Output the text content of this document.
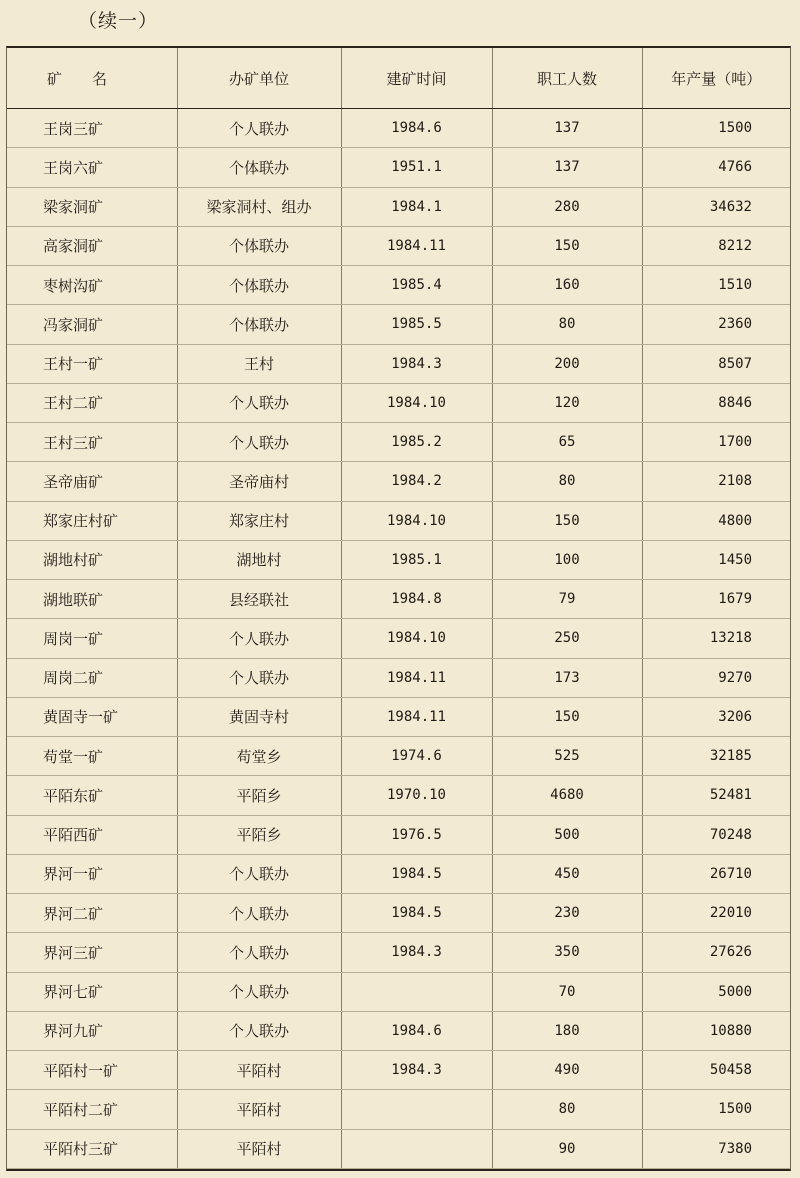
（续一）
矿　　名	办矿单位	建矿时间	职工人数	年产量（吨）
王岗三矿	个人联办	1984.6	137	1500
王岗六矿	个体联办	1951.1	137	4766
梁家洞矿	梁家洞村、组办	1984.1	280	34632
高家洞矿	个体联办	1984.11	150	8212
枣树沟矿	个体联办	1985.4	160	1510
冯家洞矿	个体联办	1985.5	80	2360
王村一矿	王村	1984.3	200	8507
王村二矿	个人联办	1984.10	120	8846
王村三矿	个人联办	1985.2	65	1700
圣帝庙矿	圣帝庙村	1984.2	80	2108
郑家庄村矿	郑家庄村	1984.10	150	4800
湖地村矿	湖地村	1985.1	100	1450
湖地联矿	县经联社	1984.8	79	1679
周岗一矿	个人联办	1984.10	250	13218
周岗二矿	个人联办	1984.11	173	9270
黄固寺一矿	黄固寺村	1984.11	150	3206
苟堂一矿	苟堂乡	1974.6	525	32185
平陌东矿	平陌乡	1970.10	4680	52481
平陌西矿	平陌乡	1976.5	500	70248
界河一矿	个人联办	1984.5	450	26710
界河二矿	个人联办	1984.5	230	22010
界河三矿	个人联办	1984.3	350	27626
界河七矿	个人联办		70	5000
界河九矿	个人联办	1984.6	180	10880
平陌村一矿	平陌村	1984.3	490	50458
平陌村二矿	平陌村		80	1500
平陌村三矿	平陌村		90	7380
